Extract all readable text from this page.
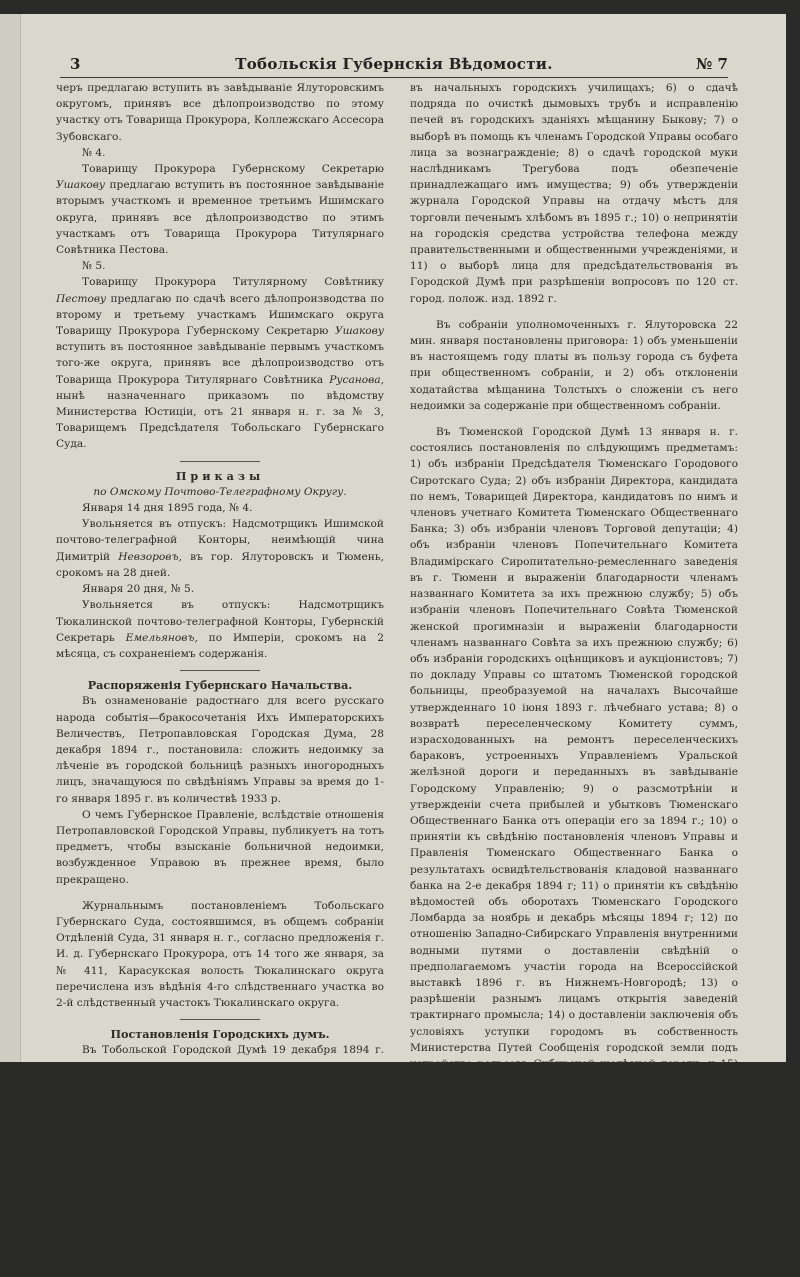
3	Тобольскія Губернскія Вѣдомости.	№ 7

черъ предлагаю вступить въ завѣдываніе Ялуторовскимъ округомъ, принявъ все дѣлопроизводство по этому участку отъ Товарища Прокурора, Коллежскаго Ассесора Зубовскаго.

№ 4.

Товарищу Прокурора Губернскому Секретарю Ушакову предлагаю вступить въ постоянное завѣдываніе вторымъ участкомъ и временное третьимъ Ишимскаго округа, принявъ все дѣлопроизводство по этимъ участкамъ отъ Товарища Прокурора Титулярнаго Совѣтника Пестова.

№ 5.

Товарищу Прокурора Титулярному Совѣтнику Пестову предлагаю по сдачѣ всего дѣлопроизводства по второму и третьему участкамъ Ишимскаго округа Товарищу Прокурора Губернскому Секретарю Ушакову вступить въ постоянное завѣдываніе первымъ участкомъ того-же округа, принявъ все дѣлопроизводство отъ Товарища Прокурора Титулярнаго Совѣтника Русанова, нынѣ назначеннаго приказомъ по вѣдомству Министерства Юстиціи, отъ 21 января н. г. за № 3, Товарищемъ Предсѣдателя Тобольскаго Губернскаго Суда.

Приказы

по Омскому Почтово-Телеграфному Округу.

Января 14 дня 1895 года, № 4.

Увольняется въ отпускъ: Надсмотрщикъ Ишимской почтово-телеграфной Конторы, неимѣющій чина Димитрій Невзоровъ, въ гор. Ялуторовскъ и Тюмень, срокомъ на 28 дней.

Января 20 дня, № 5.

Увольняется въ отпускъ: Надсмотрщикъ Тюкалинской почтово-телеграфной Конторы, Губернскій Секретарь Емельяновъ, по Имперіи, срокомъ на 2 мѣсяца, съ сохраненіемъ содержанія.

Распоряженія Губернскаго Начальства.

Въ ознаменованіе радостнаго для всего русскаго народа событія—бракосочетанія Ихъ Императорскихъ Величествъ, Петропавловская Городская Дума, 28 декабря 1894 г., постановила: сложить недоимку за лѣченіе въ городской больницѣ разныхъ иногородныхъ лицъ, значащуюся по свѣдѣніямъ Управы за время до 1-го января 1895 г. въ количествѣ 1933 р.

О чемъ Губернское Правленіе, вслѣдствіе отношенія Петропавловской Городской Управы, публикуетъ на тотъ предметъ, чтобы взысканіе больничной недоимки, возбужденное Управою въ прежнее время, было прекращено.

Журнальнымъ постановленіемъ Тобольскаго Губернскаго Суда, состоявшимся, въ общемъ собраніи Отдѣленій Суда, 31 января н. г., согласно предложенія г. И. д. Губернскаго Прокурора, отъ 14 того же января, за № 411, Карасукская волость Тюкалинскаго округа перечислена изъ вѣдѣнія 4-го слѣдственнаго участка во 2-й слѣдственный участокъ Тюкалинскаго округа.

Постановленія Городскихъ думъ.

Въ Тобольской Городской Думѣ 19 декабря 1894 г. состоялись постановленія по слѣдующимъ предметамъ: 1) о принятіи къ свѣдѣнію отзыва члена Управы Попова о согласіи его продолжать службу въ этой должности; 2) объ утвержденіи плана и смѣты на постройку 3-го приходскаго училища; 3) по обстоятельству о соглашеніи съ Начальникомъ Тобольскаго Исправительнаго арестантскаго Отдѣленія по предмету доставки воды на пожары въ ночное время; 4) по разсмотрѣнію смѣты о городскихъ расходахъ на 1895 годъ; 5) о назначеніи кредита на устройство елки для учащихся

въ начальныхъ городскихъ училищахъ; 6) о сдачѣ подряда по очисткѣ дымовыхъ трубъ и исправленію печей въ городскихъ зданіяхъ мѣщанину Быкову; 7) о выборѣ въ помощь къ членамъ Городской Управы особаго лица за вознагражденіе; 8) о сдачѣ городской муки наслѣдникамъ Трегубова подъ обезпеченіе принадлежащаго имъ имущества; 9) объ утвержденіи журнала Городской Управы на отдачу мѣстъ для торговли печенымъ хлѣбомъ въ 1895 г.; 10) о непринятіи на городскія средства устройства телефона между правительственными и общественными учрежденіями, и 11) о выборѣ лица для предсѣдательствованія въ Городской Думѣ при разрѣшеніи вопросовъ по 120 ст. город. полож. изд. 1892 г.

Въ собраніи уполномоченныхъ г. Ялуторовска 22 мин. января постановлены приговора: 1) объ уменьшеніи въ настоящемъ году платы въ пользу города съ буфета при общественномъ собраніи, и 2) объ отклоненіи ходатайства мѣщанина Толстыхъ о сложеніи съ него недоимки за содержаніе при общественномъ собраніи.

Въ Тюменской Городской Думѣ 13 января н. г. состоялись постановленія по слѣдующимъ предметамъ: 1) объ избраніи Предсѣдателя Тюменскаго Городового Сиротскаго Суда; 2) объ избраніи Директора, кандидата по немъ, Товарищей Директора, кандидатовъ по нимъ и членовъ учетнаго Комитета Тюменскаго Общественнаго Банка; 3) объ избраніи членовъ Торговой депутаціи; 4) объ избраніи членовъ Попечительнаго Комитета Владимірскаго Сиропитательно-ремесленнаго заведенія въ г. Тюмени и выраженіи благодарности членамъ названнаго Комитета за ихъ прежнюю службу; 5) объ избраніи членовъ Попечительнаго Совѣта Тюменской женской прогимназіи и выраженіи благодарности членамъ названнаго Совѣта за ихъ прежнюю службу; 6) объ избраніи городскихъ оцѣнщиковъ и аукціонистовъ; 7) по докладу Управы со штатомъ Тюменской городской больницы, преобразуемой на началахъ Высочайше утвержденнаго 10 іюня 1893 г. лѣчебнаго устава; 8) о возвратѣ переселенческому Комитету суммъ, израсходованныхъ на ремонтъ переселенческихъ бараковъ, устроенныхъ Управленіемъ Уральской желѣзной дороги и переданныхъ въ завѣдываніе Городскому Управленію; 9) о разсмотрѣніи и утвержденіи счета прибылей и убытковъ Тюменскаго Общественнаго Банка отъ операціи его за 1894 г.; 10) о принятіи къ свѣдѣнію постановленія членовъ Управы и Правленія Тюменскаго Общественнаго Банка о результатахъ освидѣтельствованія кладовой названнаго банка на 2-е декабря 1894 г; 11) о принятіи къ свѣдѣнію вѣдомостей объ оборотахъ Тюменскаго Городского Ломбарда за ноябрь и декабрь мѣсяцы 1894 г; 12) по отношенію Западно-Сибирскаго Управленія внутренними водными путями о доставленіи свѣдѣній о предполагаемомъ участіи города на Всероссійской выставкѣ 1896 г. въ Нижнемъ-Новгородѣ; 13) о разрѣшеніи разнымъ лицамъ открытія заведеній трактирнаго промысла; 14) о доставленіи заключенія объ условіяхъ уступки городомъ въ собственность Министерства Путей Сообщенія городской земли подъ устройство рельсовъ Сибирской желѣзной дороги, и 15) по поводу разницы въ счетахъ Городской Управы и Управленія Тюменскаго Уѣзднаго Воинскаго Начальника по поставкѣ дровъ для отопленія воинскихъ зданій въ 1893 г.

Въ Тюменской Городской Думѣ 19 января н. г. состоялись постановленія по слѣдующимъ предметамъ: 1) о сложеніи въ ознаменованіе Высокоторжественнаго дня бракосочетанія Ихъ Императорскихъ Величествъ Государя Императора Николая Александровича и Государыни Императрицы Александры Ѳеодоровны, больничной недоимки, накопившейся съ 1866 по 14 ноября 1894 г. въ суммѣ свыше 22000 р. за
